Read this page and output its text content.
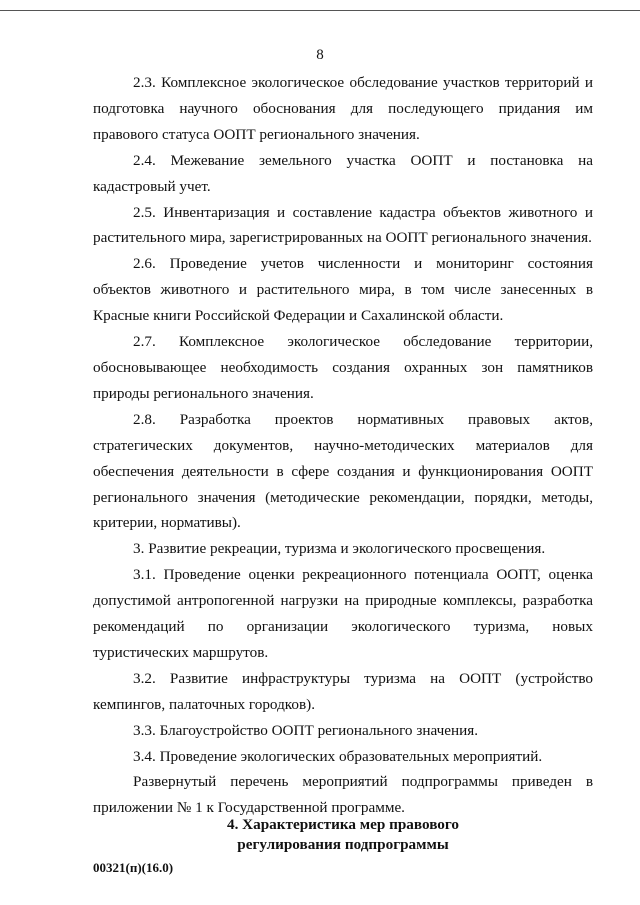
8

2.3. Комплексное экологическое обследование участков территорий и подготовка научного обоснования для последующего придания им правового статуса ООПТ регионального значения.

2.4. Межевание земельного участка ООПТ и постановка на кадастровый учет.

2.5. Инвентаризация и составление кадастра объектов животного и растительного мира, зарегистрированных на ООПТ регионального значения.

2.6. Проведение учетов численности и мониторинг состояния объектов животного и растительного мира, в том числе занесенных в Красные книги Российской Федерации и Сахалинской области.

2.7. Комплексное экологическое обследование территории, обосновывающее необходимость создания охранных зон памятников природы регионального значения.

2.8. Разработка проектов нормативных правовых актов, стратегических документов, научно-методических материалов для обеспечения деятельности в сфере создания и функционирования ООПТ регионального значения (методические рекомендации, порядки, методы, критерии, нормативы).

3. Развитие рекреации, туризма и экологического просвещения.

3.1. Проведение оценки рекреационного потенциала ООПТ, оценка допустимой антропогенной нагрузки на природные комплексы, разработка рекомендаций по организации экологического туризма, новых туристических маршрутов.

3.2. Развитие инфраструктуры туризма на ООПТ (устройство кемпингов, палаточных городков).

3.3. Благоустройство ООПТ регионального значения.

3.4. Проведение экологических образовательных мероприятий.

Развернутый перечень мероприятий подпрограммы приведен в приложении № 1 к Государственной программе.

4. Характеристика мер правового
регулирования подпрограммы
00321(п)(16.0)
